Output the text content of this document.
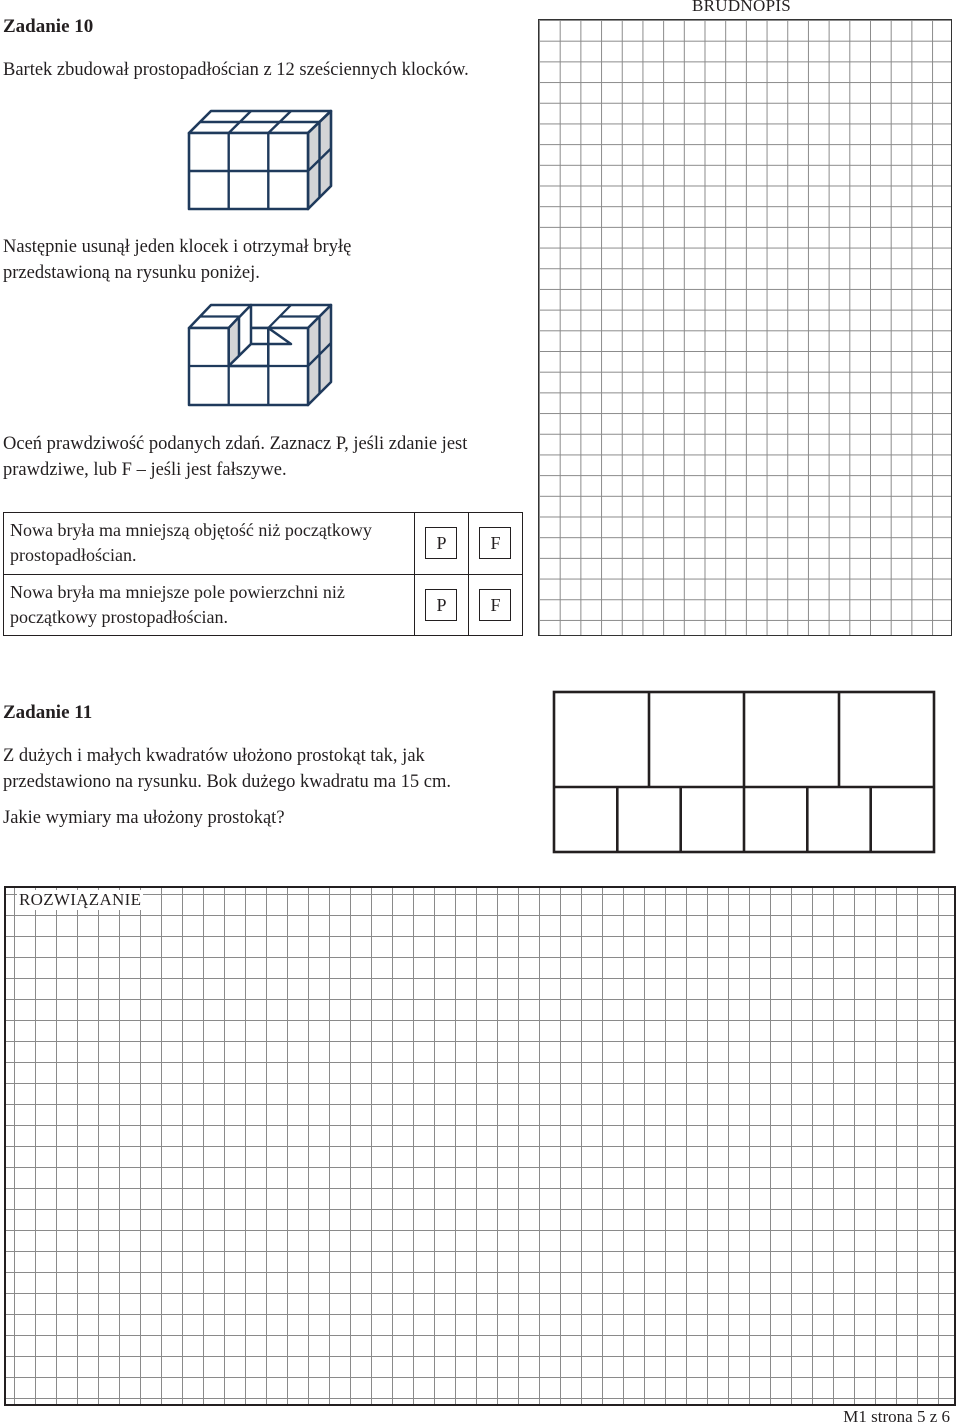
BRUDNOPIS
Zadanie 10
Bartek zbudował prostopadłościan z 12 sześciennych klocków.
Następnie usunął jeden klocek i otrzymał bryłę przedstawioną na rysunku poniżej.
Oceń prawdziwość podanych zdań. Zaznacz P, jeśli zdanie jest prawdziwe, lub F – jeśli jest fałszywe.
Nowa bryła ma mniejszą objętość niż początkowy prostopadłościan.	P	F
Nowa bryła ma mniejsze pole powierzchni niż początkowy prostopadłościan.	P	F
Zadanie 11
Z dużych i małych kwadratów ułożono prostokąt tak, jak przedstawiono na rysunku. Bok dużego kwadratu ma 15 cm.
Jakie wymiary ma ułożony prostokąt?
ROZWIĄZANIE
M1 strona 5 z 6
